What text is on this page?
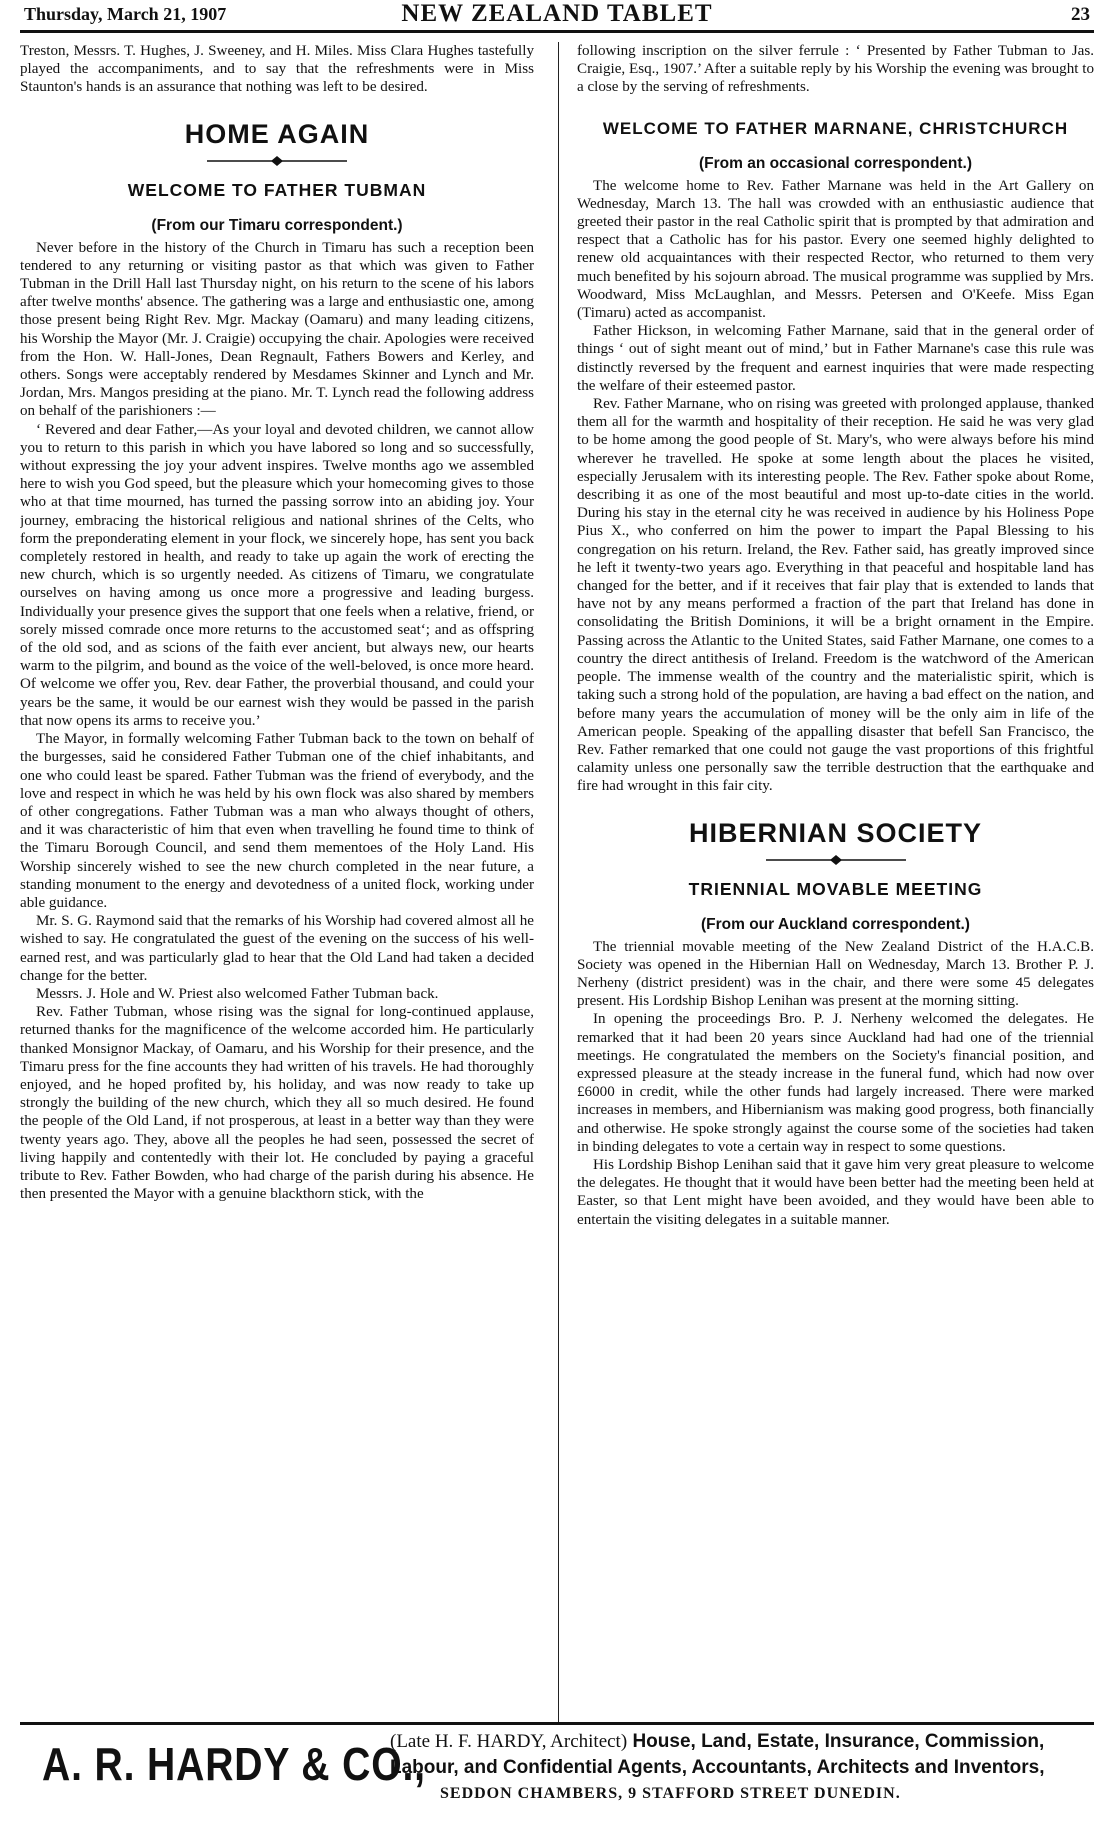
Thursday, March 21, 1907	NEW ZEALAND TABLET	23

Treston, Messrs. T. Hughes, J. Sweeney, and H. Miles. Miss Clara Hughes tastefully played the accompaniments, and to say that the refreshments were in Miss Staunton's hands is an assurance that nothing was left to be desired.

HOME AGAIN
WELCOME TO FATHER TUBMAN
(From our Timaru correspondent.)

Never before in the history of the Church in Timaru has such a reception been tendered to any returning or visiting pastor as that which was given to Father Tubman in the Drill Hall last Thursday night, on his return to the scene of his labors after twelve months' absence. The gathering was a large and enthusiastic one, among those present being Right Rev. Mgr. Mackay (Oamaru) and many leading citizens, his Worship the Mayor (Mr. J. Craigie) occupying the chair. Apologies were received from the Hon. W. Hall-Jones, Dean Regnault, Fathers Bowers and Kerley, and others. Songs were acceptably rendered by Mesdames Skinner and Lynch and Mr. Jordan, Mrs. Mangos presiding at the piano. Mr. T. Lynch read the following address on behalf of the parishioners :—

‘ Revered and dear Father,—As your loyal and devoted children, we cannot allow you to return to this parish in which you have labored so long and so successfully, without expressing the joy your advent inspires. Twelve months ago we assembled here to wish you God speed, but the pleasure which your homecoming gives to those who at that time mourned, has turned the passing sorrow into an abiding joy. Your journey, embracing the historical religious and national shrines of the Celts, who form the preponderating element in your flock, we sincerely hope, has sent you back completely restored in health, and ready to take up again the work of erecting the new church, which is so urgently needed. As citizens of Timaru, we congratulate ourselves on having among us once more a progressive and leading burgess. Individually your presence gives the support that one feels when a relative, friend, or sorely missed comrade once more returns to the accustomed seat‘; and as offspring of the old sod, and as scions of the faith ever ancient, but always new, our hearts warm to the pilgrim, and bound as the voice of the well-beloved, is once more heard. Of welcome we offer you, Rev. dear Father, the proverbial thousand, and could your years be the same, it would be our earnest wish they would be passed in the parish that now opens its arms to receive you.’

The Mayor, in formally welcoming Father Tubman back to the town on behalf of the burgesses, said he considered Father Tubman one of the chief inhabitants, and one who could least be spared. Father Tubman was the friend of everybody, and the love and respect in which he was held by his own flock was also shared by members of other congregations. Father Tubman was a man who always thought of others, and it was characteristic of him that even when travelling he found time to think of the Timaru Borough Council, and send them mementoes of the Holy Land. His Worship sincerely wished to see the new church completed in the near future, a standing monument to the energy and devotedness of a united flock, working under able guidance.

Mr. S. G. Raymond said that the remarks of his Worship had covered almost all he wished to say. He congratulated the guest of the evening on the success of his well-earned rest, and was particularly glad to hear that the Old Land had taken a decided change for the better.

Messrs. J. Hole and W. Priest also welcomed Father Tubman back.

Rev. Father Tubman, whose rising was the signal for long-continued applause, returned thanks for the magnificence of the welcome accorded him. He particularly thanked Monsignor Mackay, of Oamaru, and his Worship for their presence, and the Timaru press for the fine accounts they had written of his travels. He had thoroughly enjoyed, and he hoped profited by, his holiday, and was now ready to take up strongly the building of the new church, which they all so much desired. He found the people of the Old Land, if not prosperous, at least in a better way than they were twenty years ago. They, above all the peoples he had seen, possessed the secret of living happily and contentedly with their lot. He concluded by paying a graceful tribute to Rev. Father Bowden, who had charge of the parish during his absence. He then presented the Mayor with a genuine blackthorn stick, with the

following inscription on the silver ferrule : ‘ Presented by Father Tubman to Jas. Craigie, Esq., 1907.’ After a suitable reply by his Worship the evening was brought to a close by the serving of refreshments.

WELCOME TO FATHER MARNANE, CHRISTCHURCH
(From an occasional correspondent.)

The welcome home to Rev. Father Marnane was held in the Art Gallery on Wednesday, March 13. The hall was crowded with an enthusiastic audience that greeted their pastor in the real Catholic spirit that is prompted by that admiration and respect that a Catholic has for his pastor. Every one seemed highly delighted to renew old acquaintances with their respected Rector, who returned to them very much benefited by his sojourn abroad. The musical programme was supplied by Mrs. Woodward, Miss McLaughlan, and Messrs. Petersen and O'Keefe. Miss Egan (Timaru) acted as accompanist.

Father Hickson, in welcoming Father Marnane, said that in the general order of things ‘ out of sight meant out of mind,’ but in Father Marnane's case this rule was distinctly reversed by the frequent and earnest inquiries that were made respecting the welfare of their esteemed pastor.

Rev. Father Marnane, who on rising was greeted with prolonged applause, thanked them all for the warmth and hospitality of their reception. He said he was very glad to be home among the good people of St. Mary's, who were always before his mind wherever he travelled. He spoke at some length about the places he visited, especially Jerusalem with its interesting people. The Rev. Father spoke about Rome, describing it as one of the most beautiful and most up-to-date cities in the world. During his stay in the eternal city he was received in audience by his Holiness Pope Pius X., who conferred on him the power to impart the Papal Blessing to his congregation on his return. Ireland, the Rev. Father said, has greatly improved since he left it twenty-two years ago. Everything in that peaceful and hospitable land has changed for the better, and if it receives that fair play that is extended to lands that have not by any means performed a fraction of the part that Ireland has done in consolidating the British Dominions, it will be a bright ornament in the Empire. Passing across the Atlantic to the United States, said Father Marnane, one comes to a country the direct antithesis of Ireland. Freedom is the watchword of the American people. The immense wealth of the country and the materialistic spirit, which is taking such a strong hold of the population, are having a bad effect on the nation, and before many years the accumulation of money will be the only aim in life of the American people. Speaking of the appalling disaster that befell San Francisco, the Rev. Father remarked that one could not gauge the vast proportions of this frightful calamity unless one personally saw the terrible destruction that the earthquake and fire had wrought in this fair city.

HIBERNIAN SOCIETY
TRIENNIAL MOVABLE MEETING
(From our Auckland correspondent.)

The triennial movable meeting of the New Zealand District of the H.A.C.B. Society was opened in the Hibernian Hall on Wednesday, March 13. Brother P. J. Nerheny (district president) was in the chair, and there were some 45 delegates present. His Lordship Bishop Lenihan was present at the morning sitting.

In opening the proceedings Bro. P. J. Nerheny welcomed the delegates. He remarked that it had been 20 years since Auckland had had one of the triennial meetings. He congratulated the members on the Society's financial position, and expressed pleasure at the steady increase in the funeral fund, which had now over £6000 in credit, while the other funds had largely increased. There were marked increases in members, and Hibernianism was making good progress, both financially and otherwise. He spoke strongly against the course some of the societies had taken in binding delegates to vote a certain way in respect to some questions.

His Lordship Bishop Lenihan said that it gave him very great pleasure to welcome the delegates. He thought that it would have been better had the meeting been held at Easter, so that Lent might have been avoided, and they would have been able to entertain the visiting delegates in a suitable manner.

A. R. HARDY & CO.,
(Late H. F. HARDY, Architect) House, Land, Estate, Insurance, Commission,
Labour, and Confidential Agents, Accountants, Architects and Inventors,
SEDDON CHAMBERS, 9 STAFFORD STREET DUNEDIN.
